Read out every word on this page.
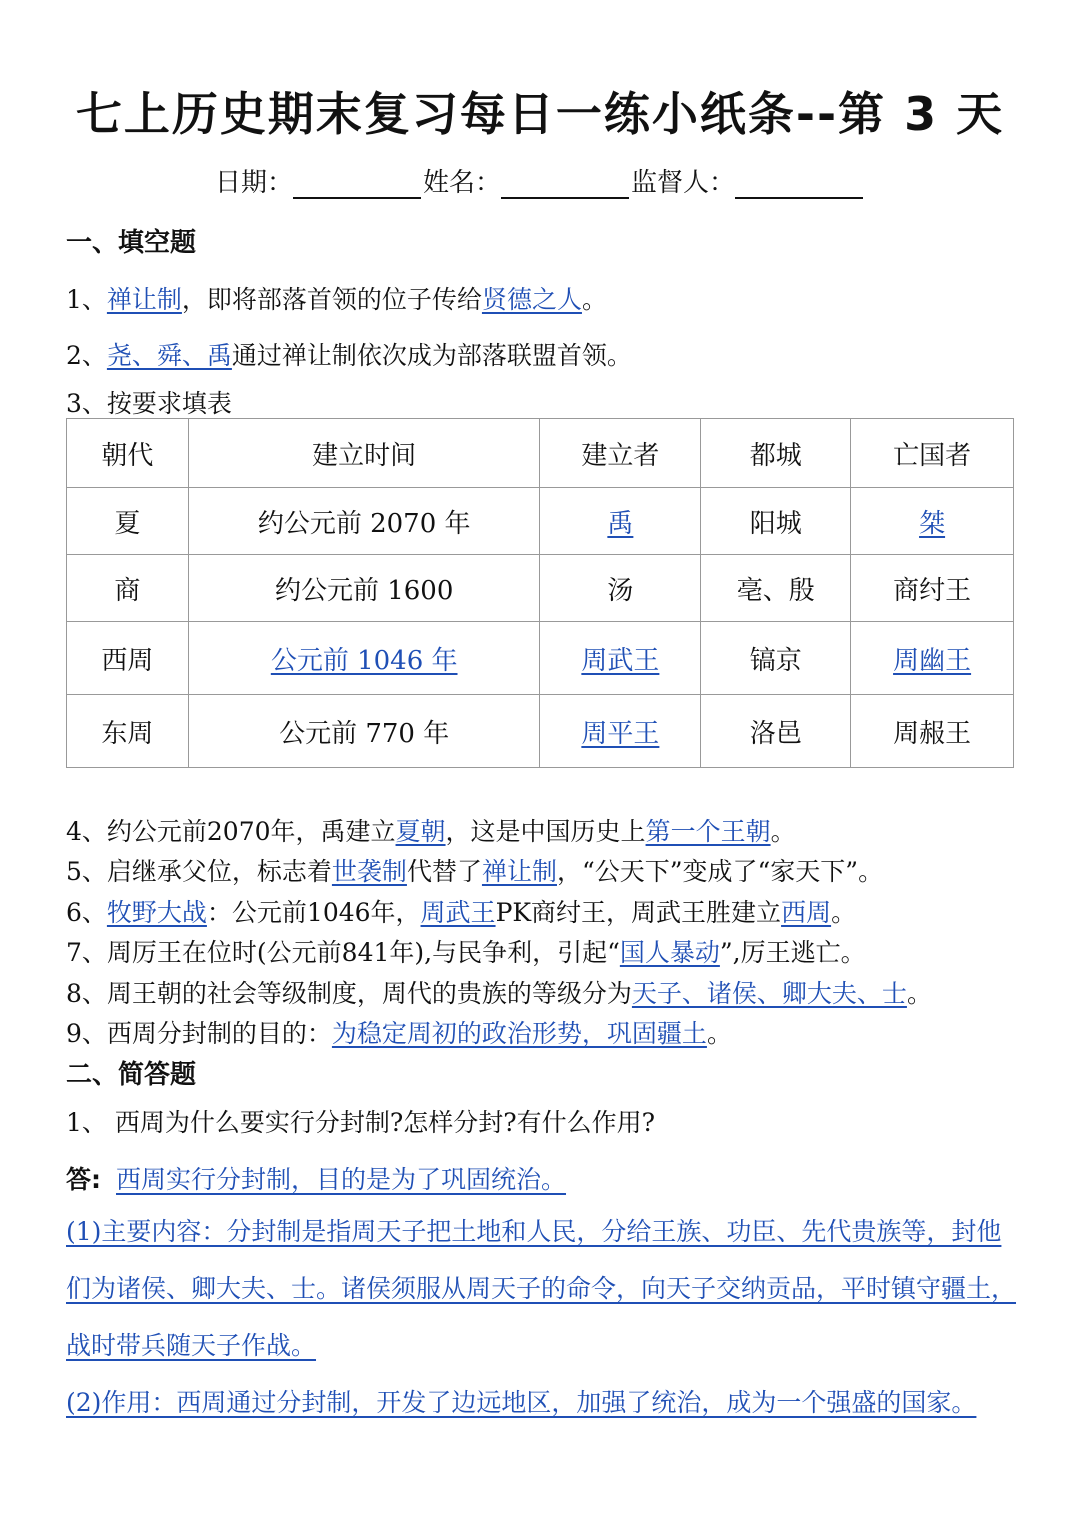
七上历史期末复习每日一练小纸条--第 3 天
日期：	姓名：	监督人：
一、填空题
1、禅让制，即将部落首领的位子传给贤德之人。
2、尧、舜、禹通过禅让制依次成为部落联盟首领。
3、按要求填表
朝代	建立时间	建立者	都城	亡国者
夏	约公元前 2070 年	禹	阳城	桀
商	约公元前 1600	汤	亳、殷	商纣王
西周	公元前 1046 年	周武王	镐京	周幽王
东周	公元前 770 年	周平王	洛邑	周赧王
4、约公元前2070年，禹建立夏朝，这是中国历史上第一个王朝。
5、启继承父位，标志着世袭制代替了禅让制，“公天下”变成了“家天下”。
6、牧野大战：公元前1046年，周武王PK商纣王，周武王胜建立西周。
7、周厉王在位时(公元前841年),与民争利，引起“国人暴动”,厉王逃亡。
8、周王朝的社会等级制度，周代的贵族的等级分为天子、诸侯、卿大夫、士。
9、西周分封制的目的：为稳定周初的政治形势，巩固疆土。
二、简答题
1、 西周为什么要实行分封制?怎样分封?有什么作用?
答: 西周实行分封制，目的是为了巩固统治。
(1)主要内容：分封制是指周天子把土地和人民，分给王族、功臣、先代贵族等，封他们为诸侯、卿大夫、士。诸侯须服从周天子的命令，向天子交纳贡品，平时镇守疆土，战时带兵随天子作战。
(2)作用：西周通过分封制，开发了边远地区，加强了统治，成为一个强盛的国家。
